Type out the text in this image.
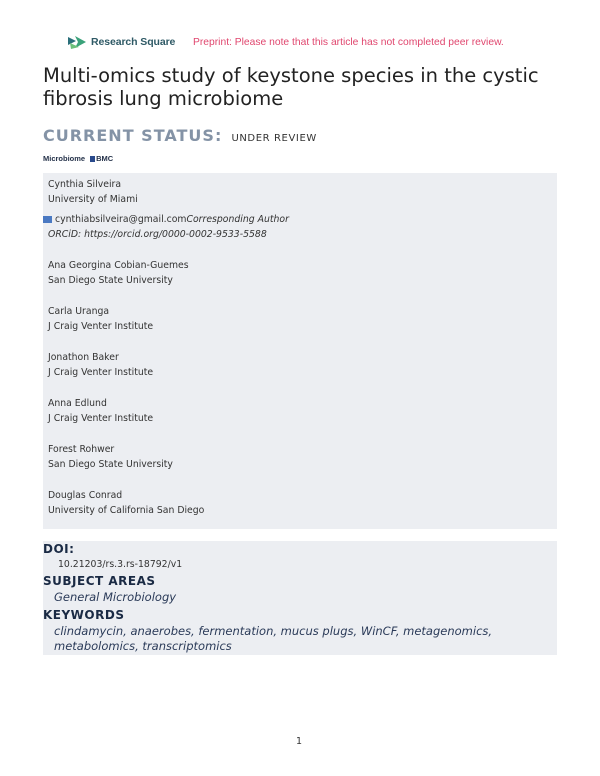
Research Square Preprint: Please note that this article has not completed peer review.
Multi-omics study of keystone species in the cystic fibrosis lung microbiome
CURRENT STATUS: UNDER REVIEW
Microbiome BMC
Cynthia Silveira
University of Miami
cynthiabsilveira@gmail.com Corresponding Author
ORCiD: https://orcid.org/0000-0002-9533-5588
Ana Georgina Cobian-Guemes
San Diego State University
Carla Uranga
J Craig Venter Institute
Jonathon Baker
J Craig Venter Institute
Anna Edlund
J Craig Venter Institute
Forest Rohwer
San Diego State University
Douglas Conrad
University of California San Diego
DOI:
10.21203/rs.3.rs-18792/v1
SUBJECT AREAS
General Microbiology
KEYWORDS
clindamycin, anaerobes, fermentation, mucus plugs, WinCF, metagenomics, metabolomics, transcriptomics
1
